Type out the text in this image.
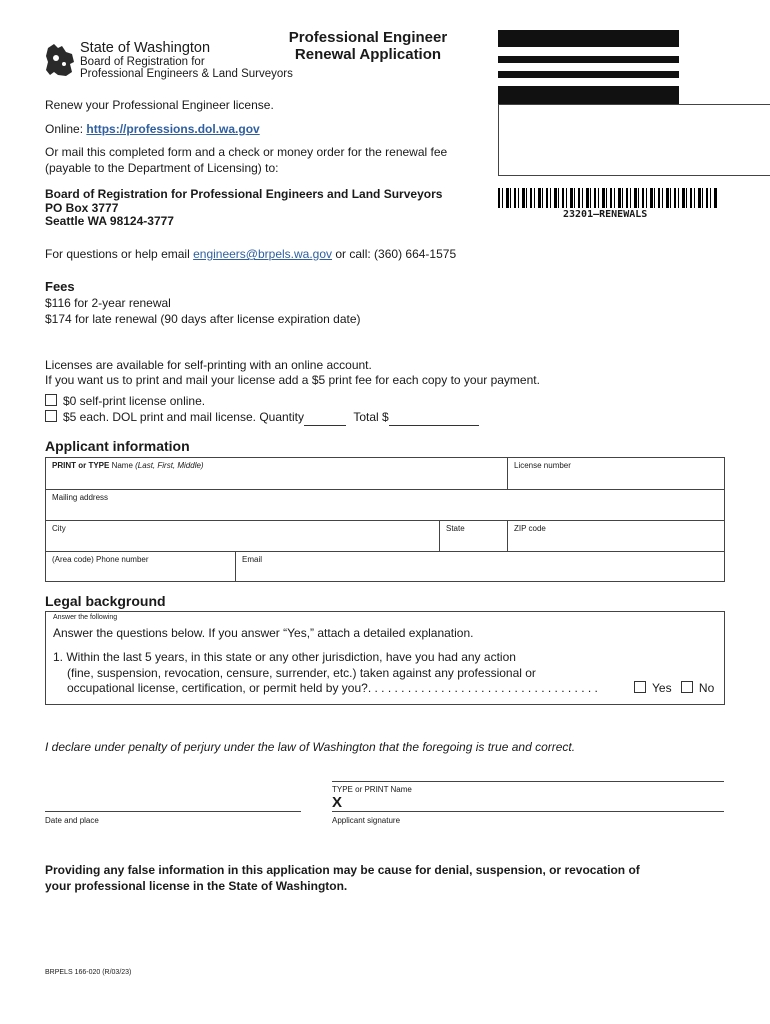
State of Washington
Board of Registration for
Professional Engineers & Land Surveyors
Professional Engineer
Renewal Application
23201–RENEWALS
Renew your Professional Engineer license.
Online: https://professions.dol.wa.gov
Or mail this completed form and a check or money order for the renewal fee
(payable to the Department of Licensing) to:
Board of Registration for Professional Engineers and Land Surveyors
PO Box 3777
Seattle WA 98124-3777
For questions or help email engineers@brpels.wa.gov or call: (360) 664-1575
Fees
$116 for 2-year renewal
$174 for late renewal (90 days after license expiration date)
Licenses are available for self-printing with an online account.
If you want us to print and mail your license add a $5 print fee for each copy to your payment.
$0 self-print license online.
$5 each. DOL print and mail license. Quantity	Total $
Applicant information
PRINT or TYPE Name (Last, First, Middle)	License number
Mailing address
City	State	ZIP code
(Area code) Phone number	Email
Legal background
Answer the following
Answer the questions below. If you answer “Yes,” attach a detailed explanation.
1. Within the last 5 years, in this state or any other jurisdiction, have you had any action
(fine, suspension, revocation, censure, surrender, etc.) taken against any professional or
occupational license, certification, or permit held by you?. . . . . . . . . . . . . . . . . . . . . . . . . . . . . . . . . . .	Yes No
I declare under penalty of perjury under the law of Washington that the foregoing is true and correct.
TYPE or PRINT Name
X
Date and place	Applicant signature
Providing any false information in this application may be cause for denial, suspension, or revocation of
your professional license in the State of Washington.
BRPELS 166-020 (R/03/23)
